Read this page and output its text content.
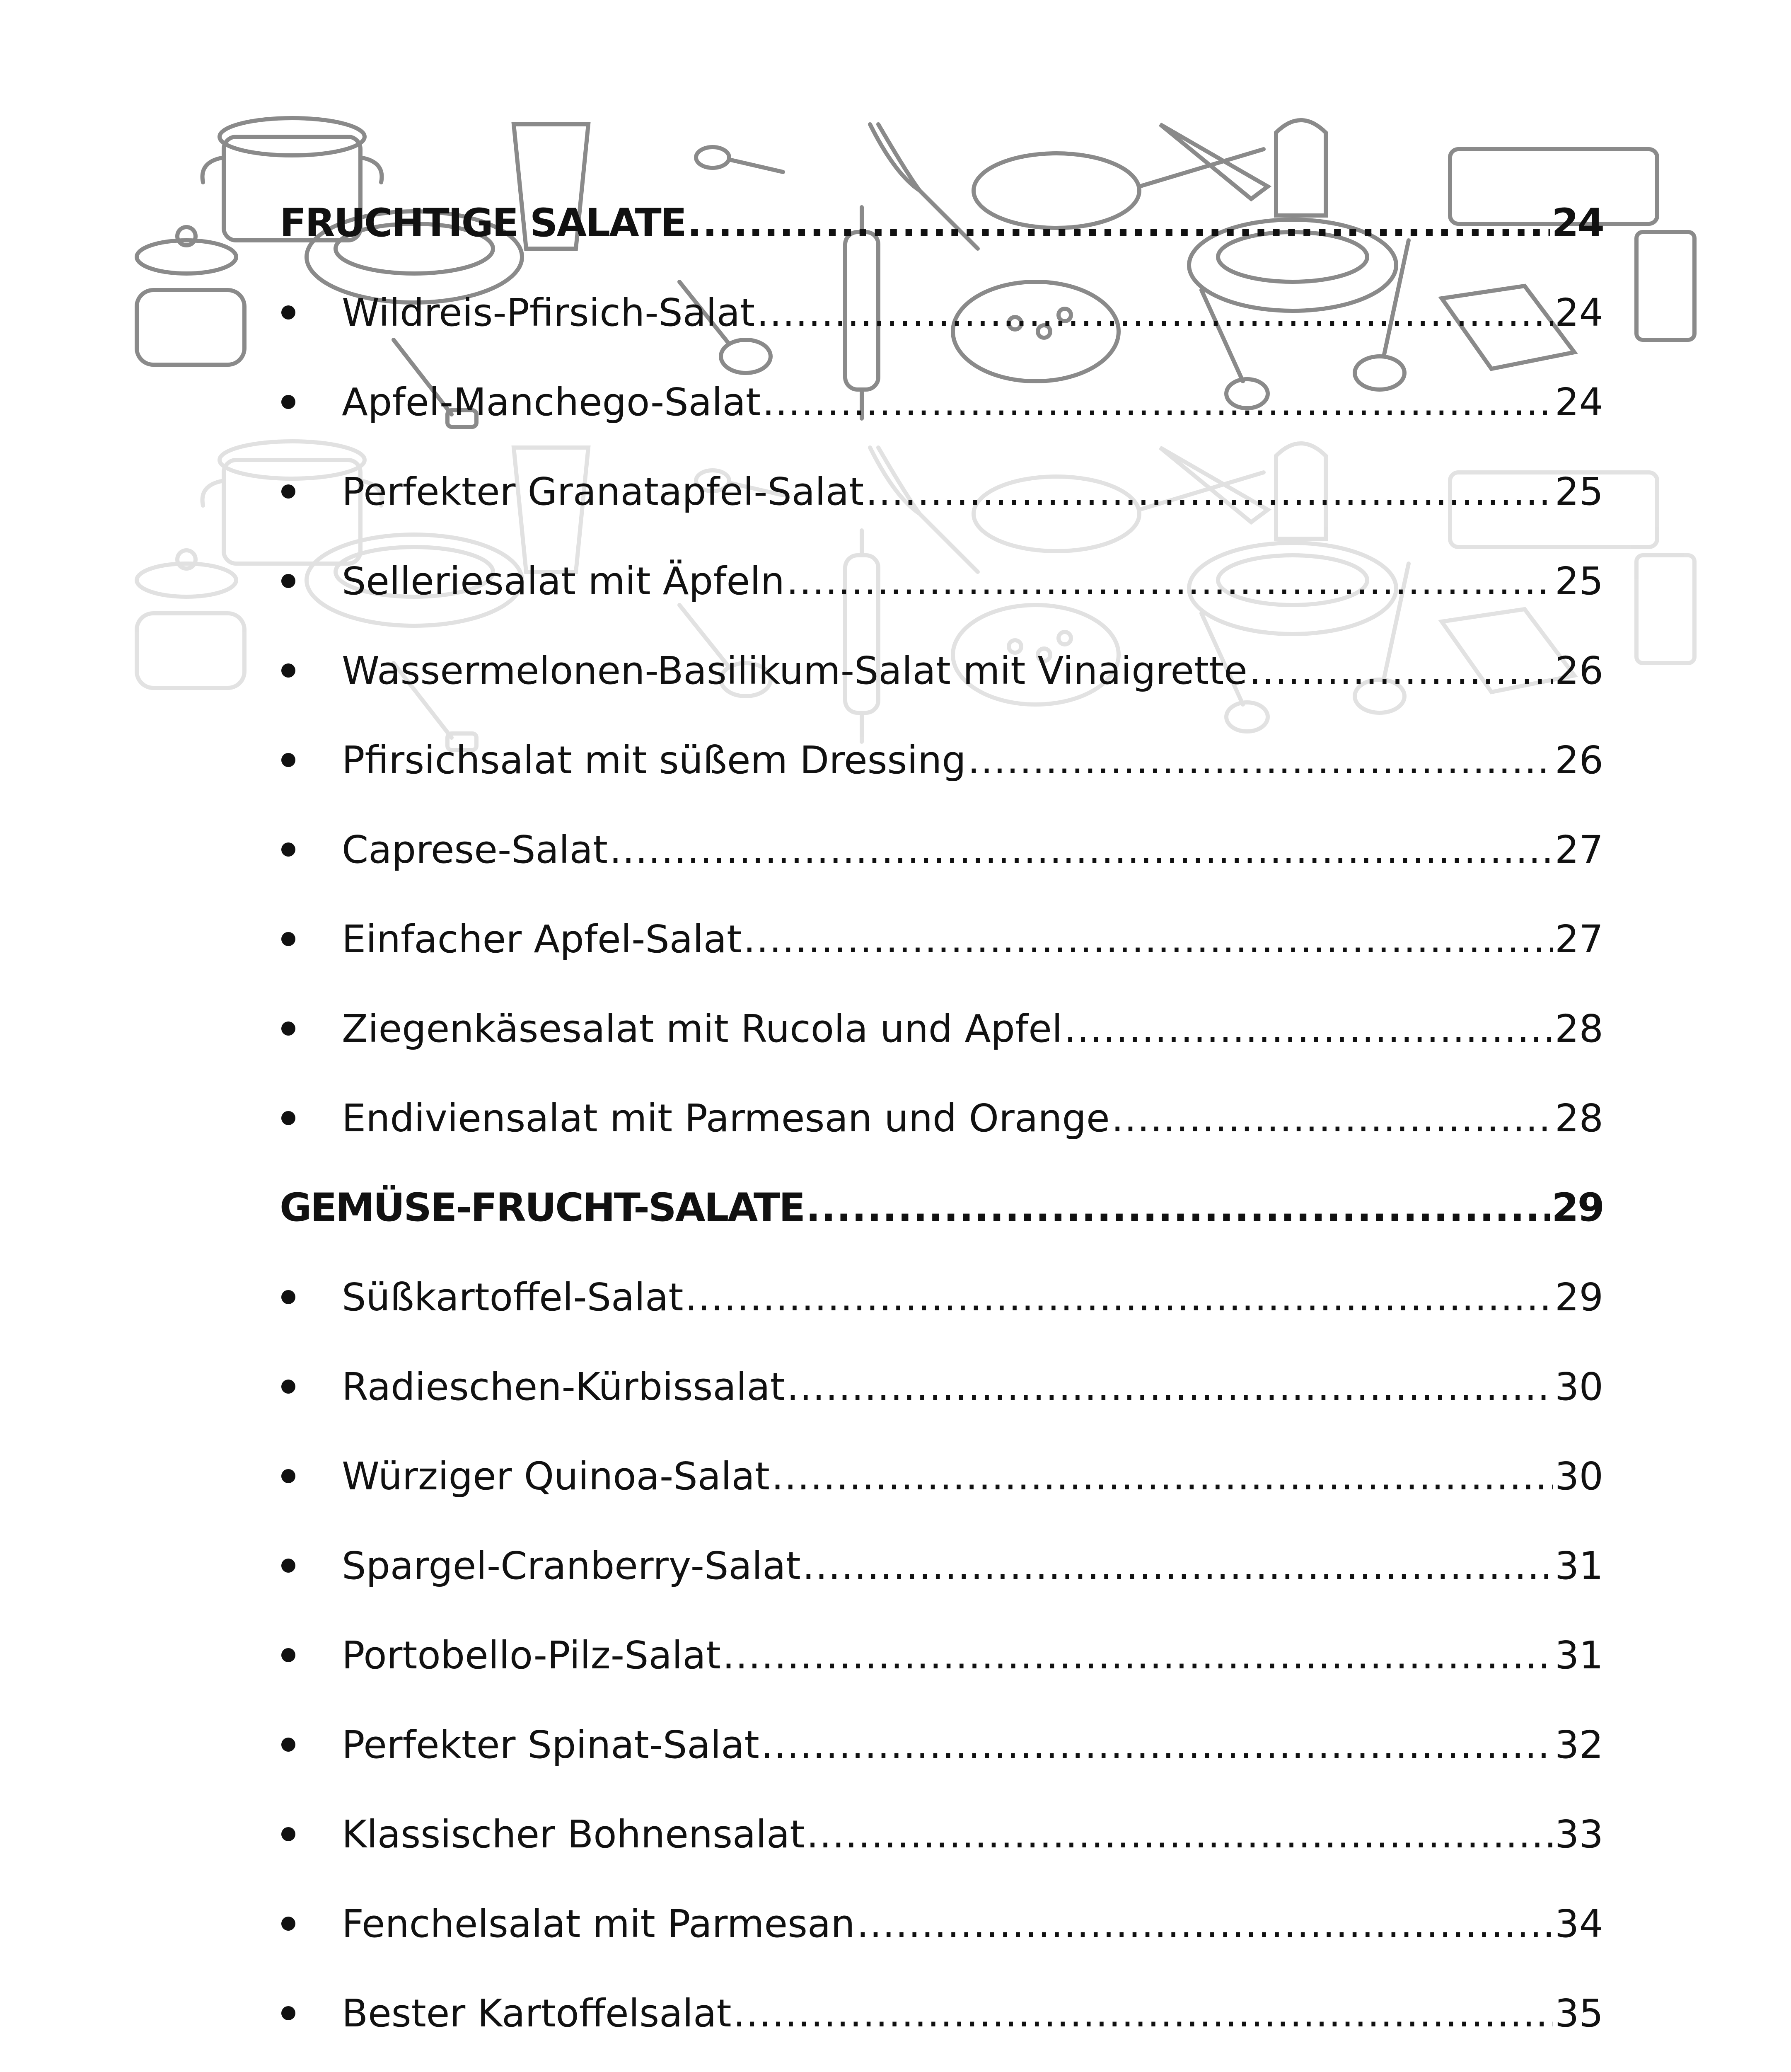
FRUCHTIGE SALATE .....	24
Wildreis-Pfirsich-Salat .....	24
Apfel-Manchego-Salat .....	24
Perfekter Granatapfel-Salat .....	25
Selleriesalat mit Äpfeln .....	25
Wassermelonen-Basilikum-Salat mit Vinaigrette .....	26
Pfirsichsalat mit süßem Dressing .....	26
Caprese-Salat .....	27
Einfacher Apfel-Salat .....	27
Ziegenkäsesalat mit Rucola und Apfel .....	28
Endiviensalat mit Parmesan und Orange .....	28
GEMÜSE-FRUCHT-SALATE .....	29
Süßkartoffel-Salat .....	29
Radieschen-Kürbissalat .....	30
Würziger Quinoa-Salat .....	30
Spargel-Cranberry-Salat .....	31
Portobello-Pilz-Salat .....	31
Perfekter Spinat-Salat .....	32
Klassischer Bohnensalat .....	33
Fenchelsalat mit Parmesan .....	34
Bester Kartoffelsalat .....	35
